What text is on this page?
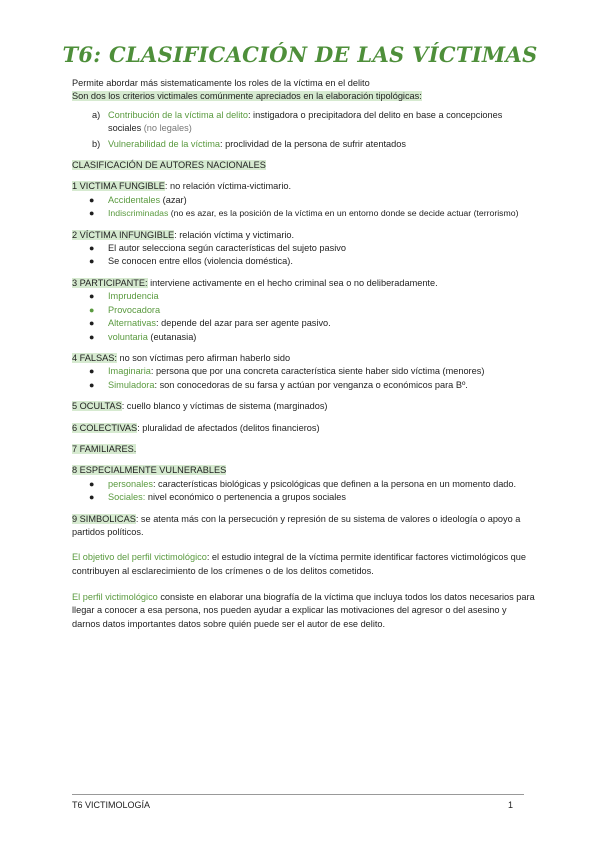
T6: CLASIFICACIÓN DE LAS VÍCTIMAS

Permite abordar más sistematicamente los roles de la víctima en el delito

Son dos los criterios victimales comúnmente apreciados en la elaboración tipológicas:

a) Contribución de la víctima al delito: instigadora o precipitadora del delito en base a concepciones sociales (no legales)
b) Vulnerabilidad de la víctima: proclividad de la persona de sufrir atentados

CLASIFICACIÓN DE AUTORES NACIONALES

1 VICTIMA FUNGIBLE: no relación víctima-victimario.

● Accidentales (azar)
● Indiscriminadas (no es azar, es la posición de la víctima en un entorno donde se decide actuar (terrorismo)

2 VÍCTIMA INFUNGIBLE: relación víctima y victimario.

● El autor selecciona según características del sujeto pasivo
● Se conocen entre ellos (violencia doméstica).

3 PARTICIPANTE: interviene activamente en el hecho criminal sea o no deliberadamente.

● Imprudencia
● Provocadora
● Alternativas: depende del azar para ser agente pasivo.
● voluntaria (eutanasia)

4 FALSAS: no son víctimas pero afirman haberlo sido

● Imaginaria: persona que por una concreta característica siente haber sido víctima (menores)
● Simuladora: son conocedoras de su farsa y actúan por venganza o económicos para Bº.

5 OCULTAS: cuello blanco y víctimas de sistema (marginados)

6 COLECTIVAS: pluralidad de afectados (delitos financieros)

7 FAMILIARES.

8 ESPECIALMENTE VULNERABLES

● personales: características biológicas y psicológicas que definen a la persona en un momento dado.
● Sociales: nivel económico o pertenencia a grupos sociales

9 SIMBOLICAS: se atenta más con la persecución y represión de su sistema de valores o ideología o apoyo a partidos políticos.

El objetivo del perfil victimológico: el estudio integral de la víctima permite identificar factores victimológicos que contribuyen al esclarecimiento de los crímenes o de los delitos cometidos.

El perfil victimológico consiste en elaborar una biografía de la víctima que incluya todos los datos necesarios para llegar a conocer a esa persona, nos pueden ayudar a explicar las motivaciones del agresor o del asesino y darnos datos importantes datos sobre quién puede ser el autor de ese delito.

T6 VICTIMOLOGÍA	1
